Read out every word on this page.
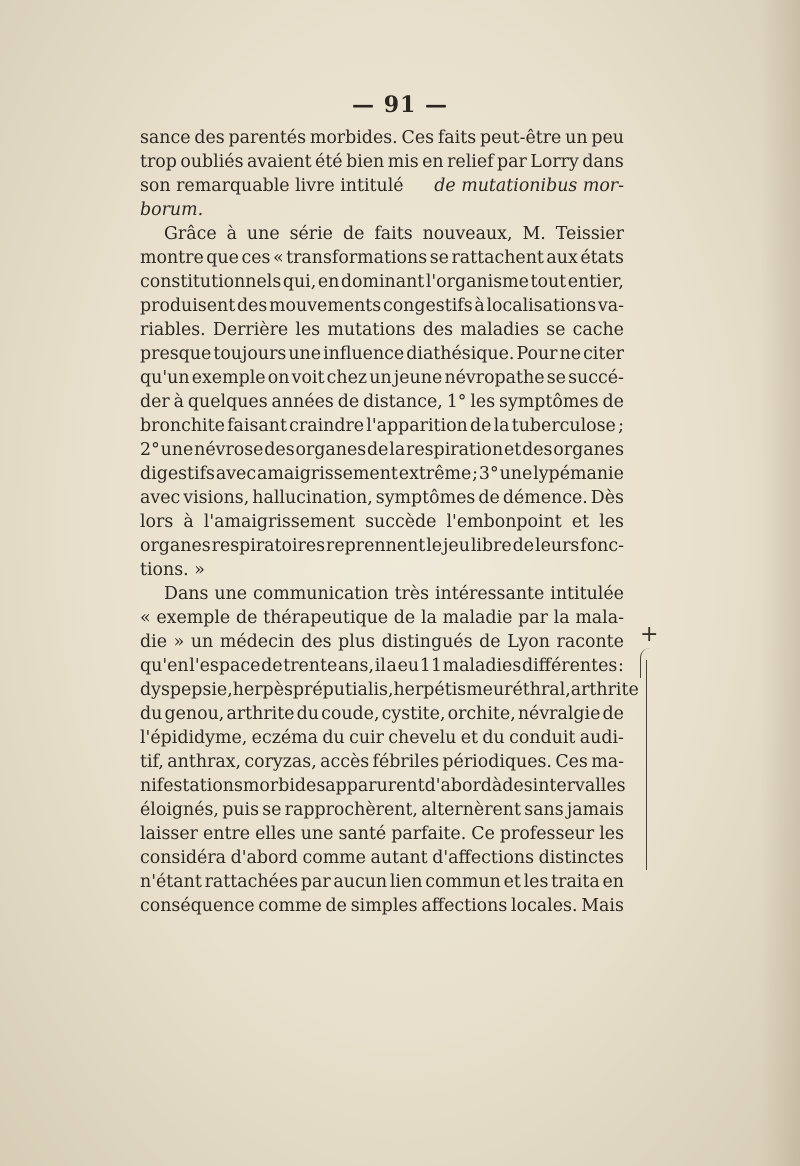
— 91 —
sance des parentés morbides. Ces faits peut-être un peu
trop oubliés avaient été bien mis en relief par Lorry dans
son remarquable livre intitulé de mutationibus mor-
borum.
Grâce à une série de faits nouveaux, M. Teissier
montre que ces « transformations se rattachent aux états
constitutionnels qui, en dominant l'organisme tout entier,
produisent des mouvements congestifs à localisations va-
riables. Derrière les mutations des maladies se cache
presque toujours une influence diathésique. Pour ne citer
qu'un exemple on voit chez un jeune névropathe se succé-
der à quelques années de distance, 1° les symptômes de
bronchite faisant craindre l'apparition de la tuberculose ;
2° une névrose des organes de la respiration et des organes
digestifs avec amaigrissement extrême ; 3° une lypémanie
avec visions, hallucination, symptômes de démence. Dès
lors à l'amaigrissement succède l'embonpoint et les
organes respiratoires reprennent le jeu libre de leurs fonc-
tions. »
Dans une communication très intéressante intitulée
« exemple de thérapeutique de la maladie par la mala-
die » un médecin des plus distingués de Lyon raconte
qu'en l'espace de trente ans, il a eu 11 maladies différentes :
dyspepsie, herpès préputialis, herpétisme uréthral, arthrite
du genou, arthrite du coude, cystite, orchite, névralgie de
l'épididyme, eczéma du cuir chevelu et du conduit audi-
tif, anthrax, coryzas, accès fébriles périodiques. Ces ma-
nifestations morbides apparurent d'abord à des intervalles
éloignés, puis se rapprochèrent, alternèrent sans jamais
laisser entre elles une santé parfaite. Ce professeur les
considéra d'abord comme autant d'affections distinctes
n'étant rattachées par aucun lien commun et les traita en
conséquence comme de simples affections locales. Mais
+
